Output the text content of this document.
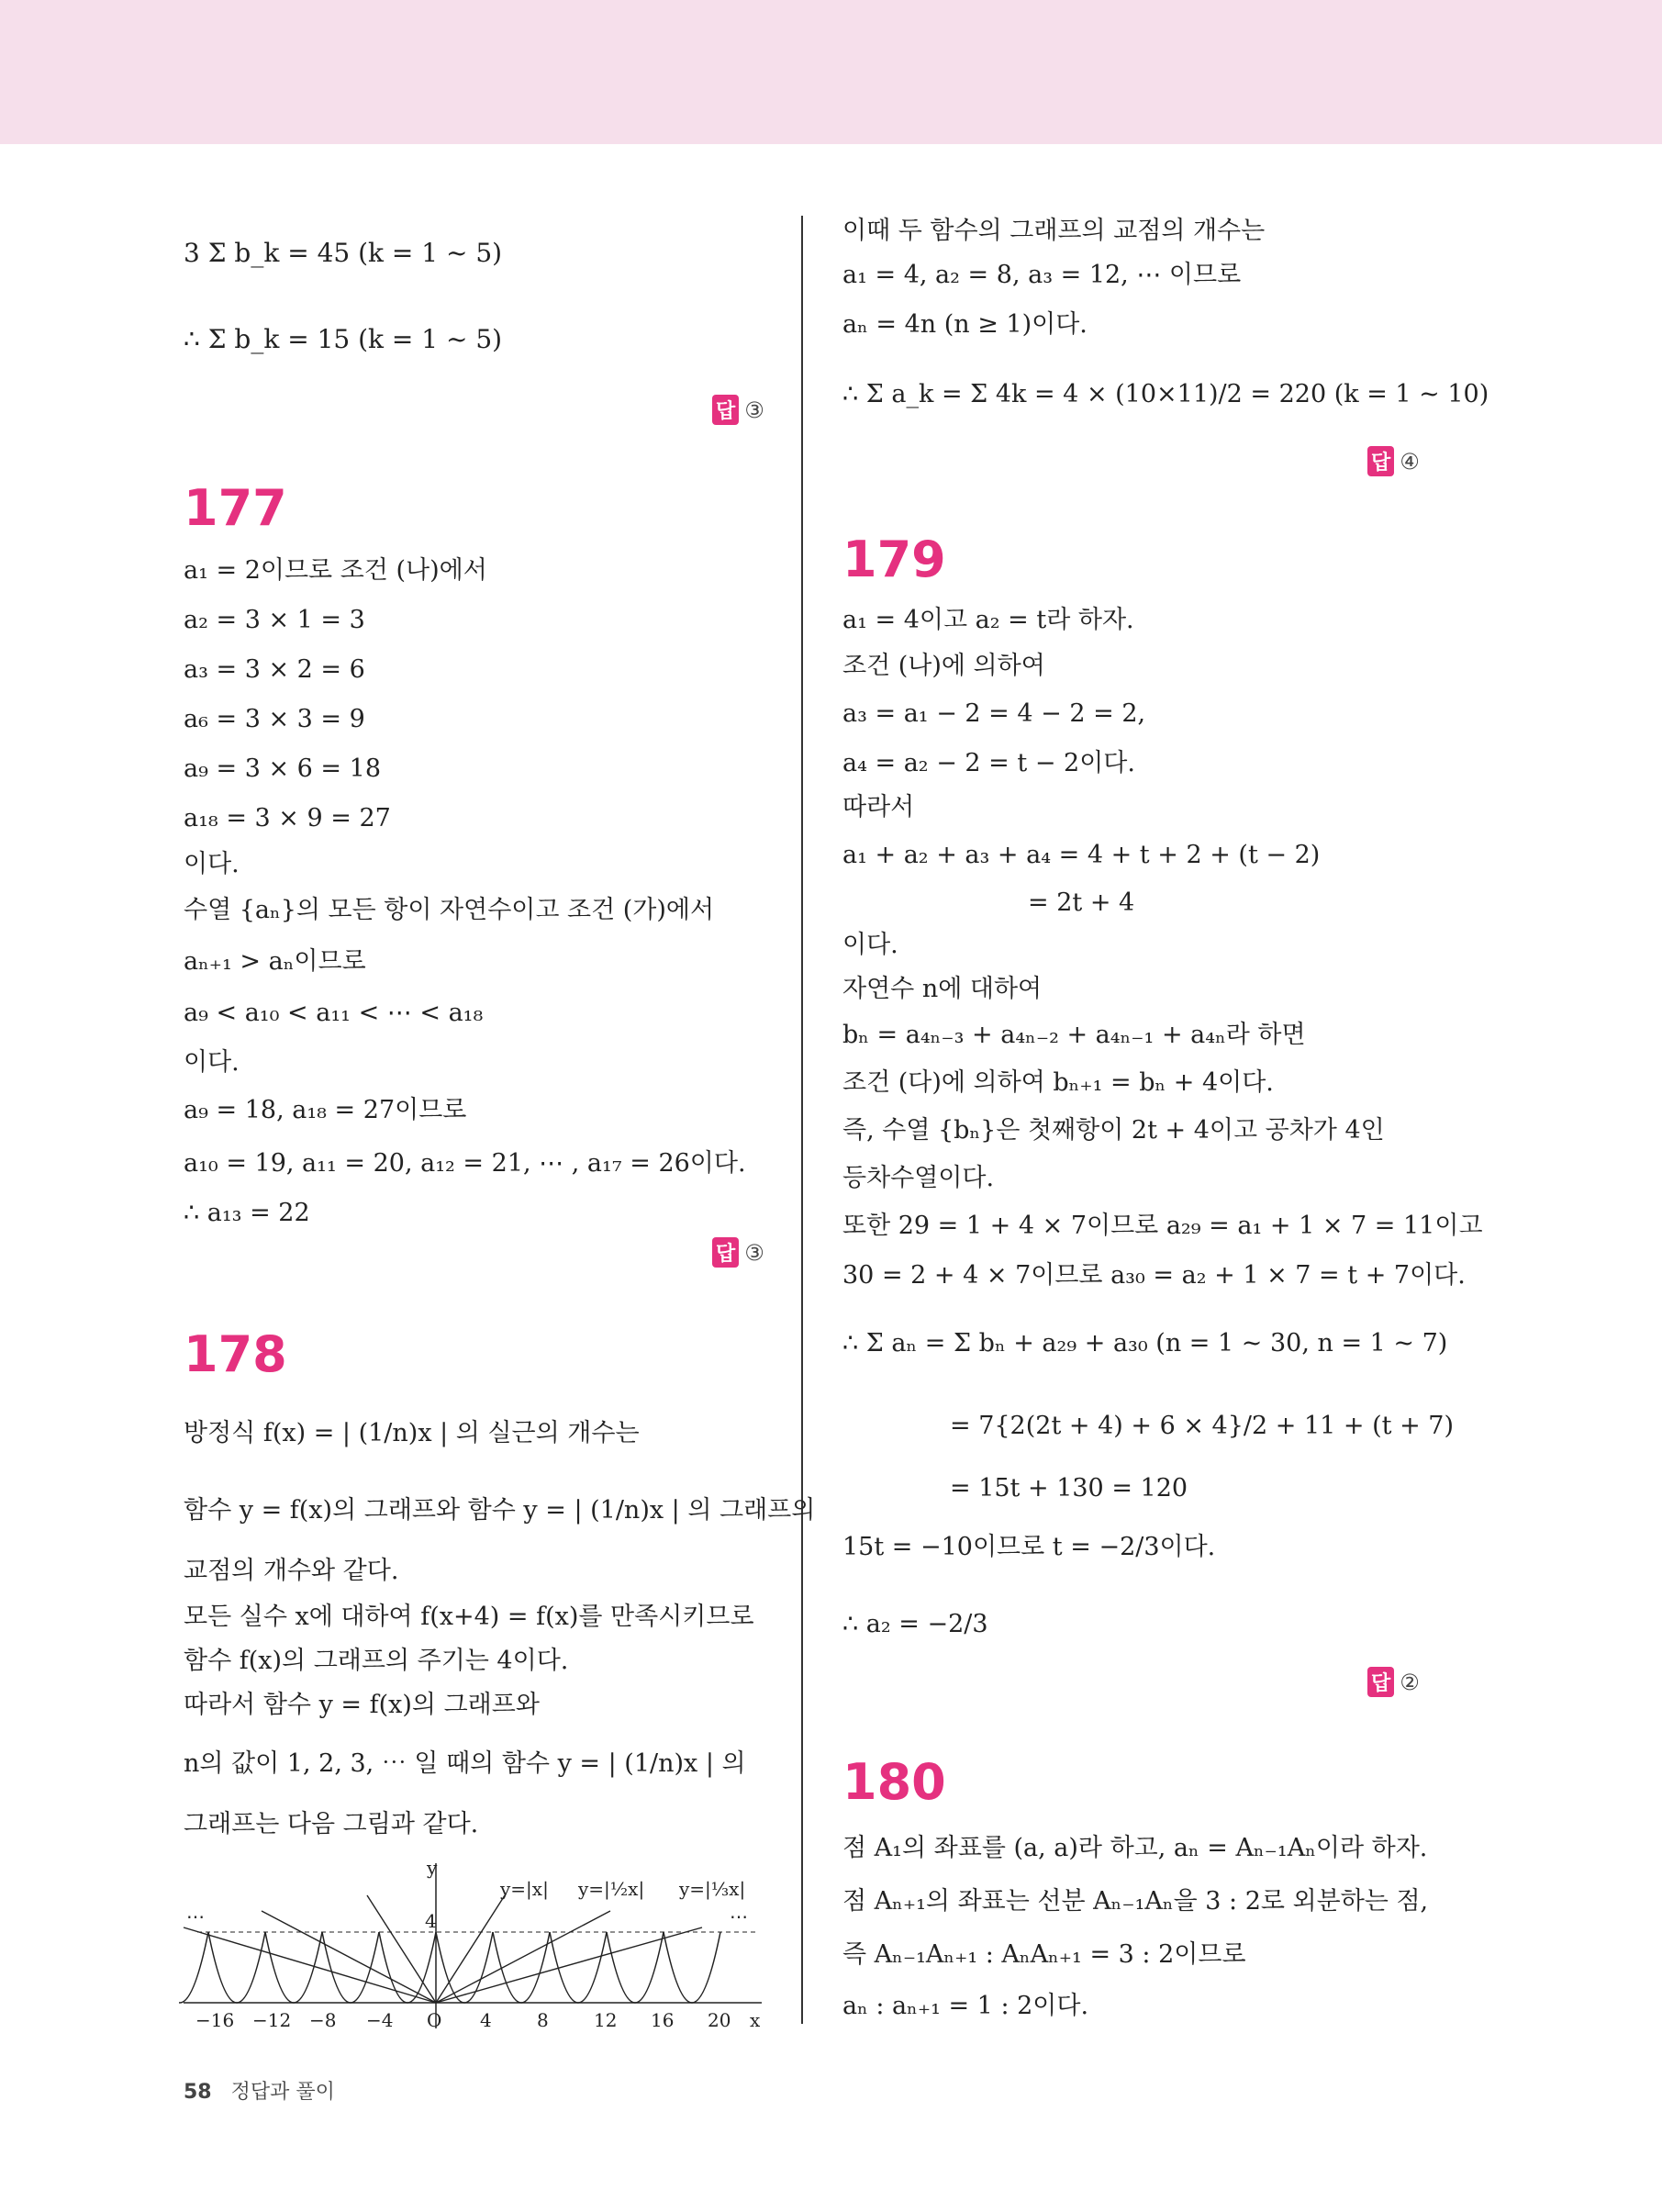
3 Σ b_k = 45 (k = 1 ~ 5)
∴ Σ b_k = 15 (k = 1 ~ 5)
답 ③
177
a₁ = 2이므로 조건 (나)에서
a₂ = 3 × 1 = 3
a₃ = 3 × 2 = 6
a₆ = 3 × 3 = 9
a₉ = 3 × 6 = 18
a₁₈ = 3 × 9 = 27
이다.
수열 {aₙ}의 모든 항이 자연수이고 조건 (가)에서
aₙ₊₁ > aₙ이므로
a₉ < a₁₀ < a₁₁ < ⋯ < a₁₈
이다.
a₉ = 18, a₁₈ = 27이므로
a₁₀ = 19, a₁₁ = 20, a₁₂ = 21, ⋯ , a₁₇ = 26이다.
∴ a₁₃ = 22
답 ③
178
방정식 f(x) = | (1/n)x | 의 실근의 개수는
함수 y = f(x)의 그래프와 함수 y = | (1/n)x | 의 그래프의
교점의 개수와 같다.
모든 실수 x에 대하여 f(x+4) = f(x)를 만족시키므로
함수 f(x)의 그래프의 주기는 4이다.
따라서 함수 y = f(x)의 그래프와
n의 값이 1, 2, 3, ⋯ 일 때의 함수 y = | (1/n)x | 의
그래프는 다음 그림과 같다.
y
x
4
⋯	⋯
y=|x| y=|½x| y=|⅓x|
−16 −12 −8 −4 O 4 8 12 16 20
이때 두 함수의 그래프의 교점의 개수는
a₁ = 4, a₂ = 8, a₃ = 12, ⋯ 이므로
aₙ = 4n (n ≥ 1)이다.
∴ Σ a_k = Σ 4k = 4 × (10×11)/2 = 220 (k = 1 ~ 10)
답 ④
179
a₁ = 4이고 a₂ = t라 하자.
조건 (나)에 의하여
a₃ = a₁ − 2 = 4 − 2 = 2,
a₄ = a₂ − 2 = t − 2이다.
따라서
a₁ + a₂ + a₃ + a₄ = 4 + t + 2 + (t − 2)
= 2t + 4
이다.
자연수 n에 대하여
bₙ = a₄ₙ₋₃ + a₄ₙ₋₂ + a₄ₙ₋₁ + a₄ₙ라 하면
조건 (다)에 의하여 bₙ₊₁ = bₙ + 4이다.
즉, 수열 {bₙ}은 첫째항이 2t + 4이고 공차가 4인
등차수열이다.
또한 29 = 1 + 4 × 7이므로 a₂₉ = a₁ + 1 × 7 = 11이고
30 = 2 + 4 × 7이므로 a₃₀ = a₂ + 1 × 7 = t + 7이다.
∴ Σ aₙ = Σ bₙ + a₂₉ + a₃₀ (n = 1 ~ 30, n = 1 ~ 7)
= 7{2(2t + 4) + 6 × 4}/2 + 11 + (t + 7)
= 15t + 130 = 120
15t = −10이므로 t = −2/3이다.
∴ a₂ = −2/3
답 ②
180
점 A₁의 좌표를 (a, a)라 하고, aₙ = Aₙ₋₁Aₙ이라 하자.
점 Aₙ₊₁의 좌표는 선분 Aₙ₋₁Aₙ을 3 : 2로 외분하는 점,
즉 Aₙ₋₁Aₙ₊₁ : AₙAₙ₊₁ = 3 : 2이므로
aₙ : aₙ₊₁ = 1 : 2이다.
58 정답과 풀이
